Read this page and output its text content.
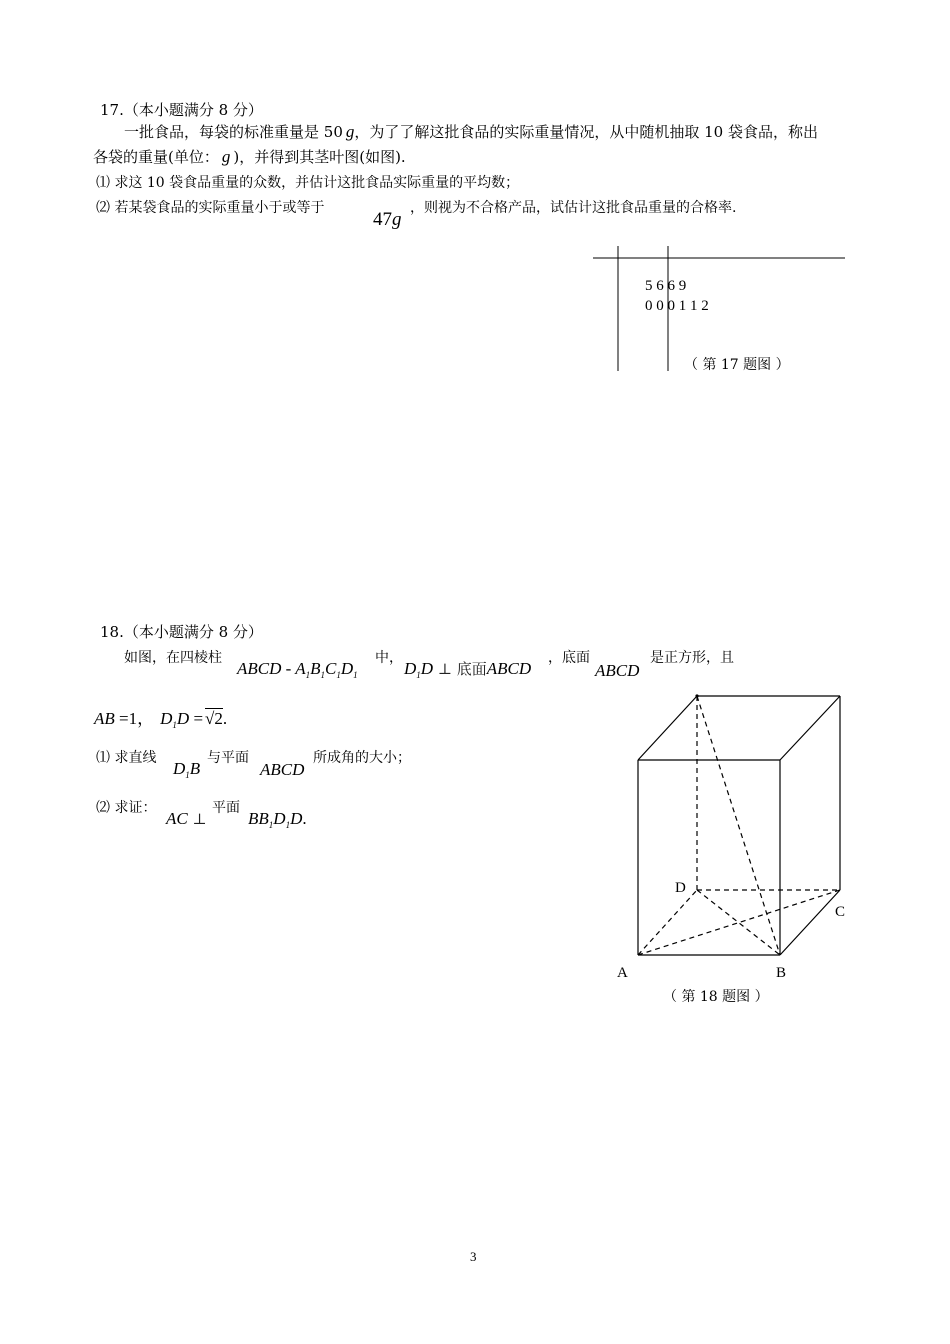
17.（本小题满分 8 分）
一批食品，每袋的标准重量是 50 g，为了了解这批食品的实际重量情况，从中随机抽取 10 袋食品，称出
各袋的重量(单位： g )，并得到其茎叶图(如图).
⑴ 求这 10 袋食品重量的众数，并估计这批食品实际重量的平均数；
⑵ 若某袋食品的实际重量小于或等于
47g
，则视为不合格产品，试估计这批食品重量的合格率.
5 6 6 9
0 0 0 1 1 2
（ 第 17 题图 ）
18.（本小题满分 8 分）
如图，在四棱柱
ABCD - $A_1B_1C_1D_1$
中，
$D_1D$ ⊥ 底面ABCD
，底面
ABCD
是正方形，且
AB =1， $D_1D = √2$.
⑴ 求直线
$D_1B$
与平面
ABCD
所成角的大小；
⑵ 求证：
AC ⊥
平面
$BB_1D_1D$.
A	B
C
D
（ 第 18 题图 ）
3
